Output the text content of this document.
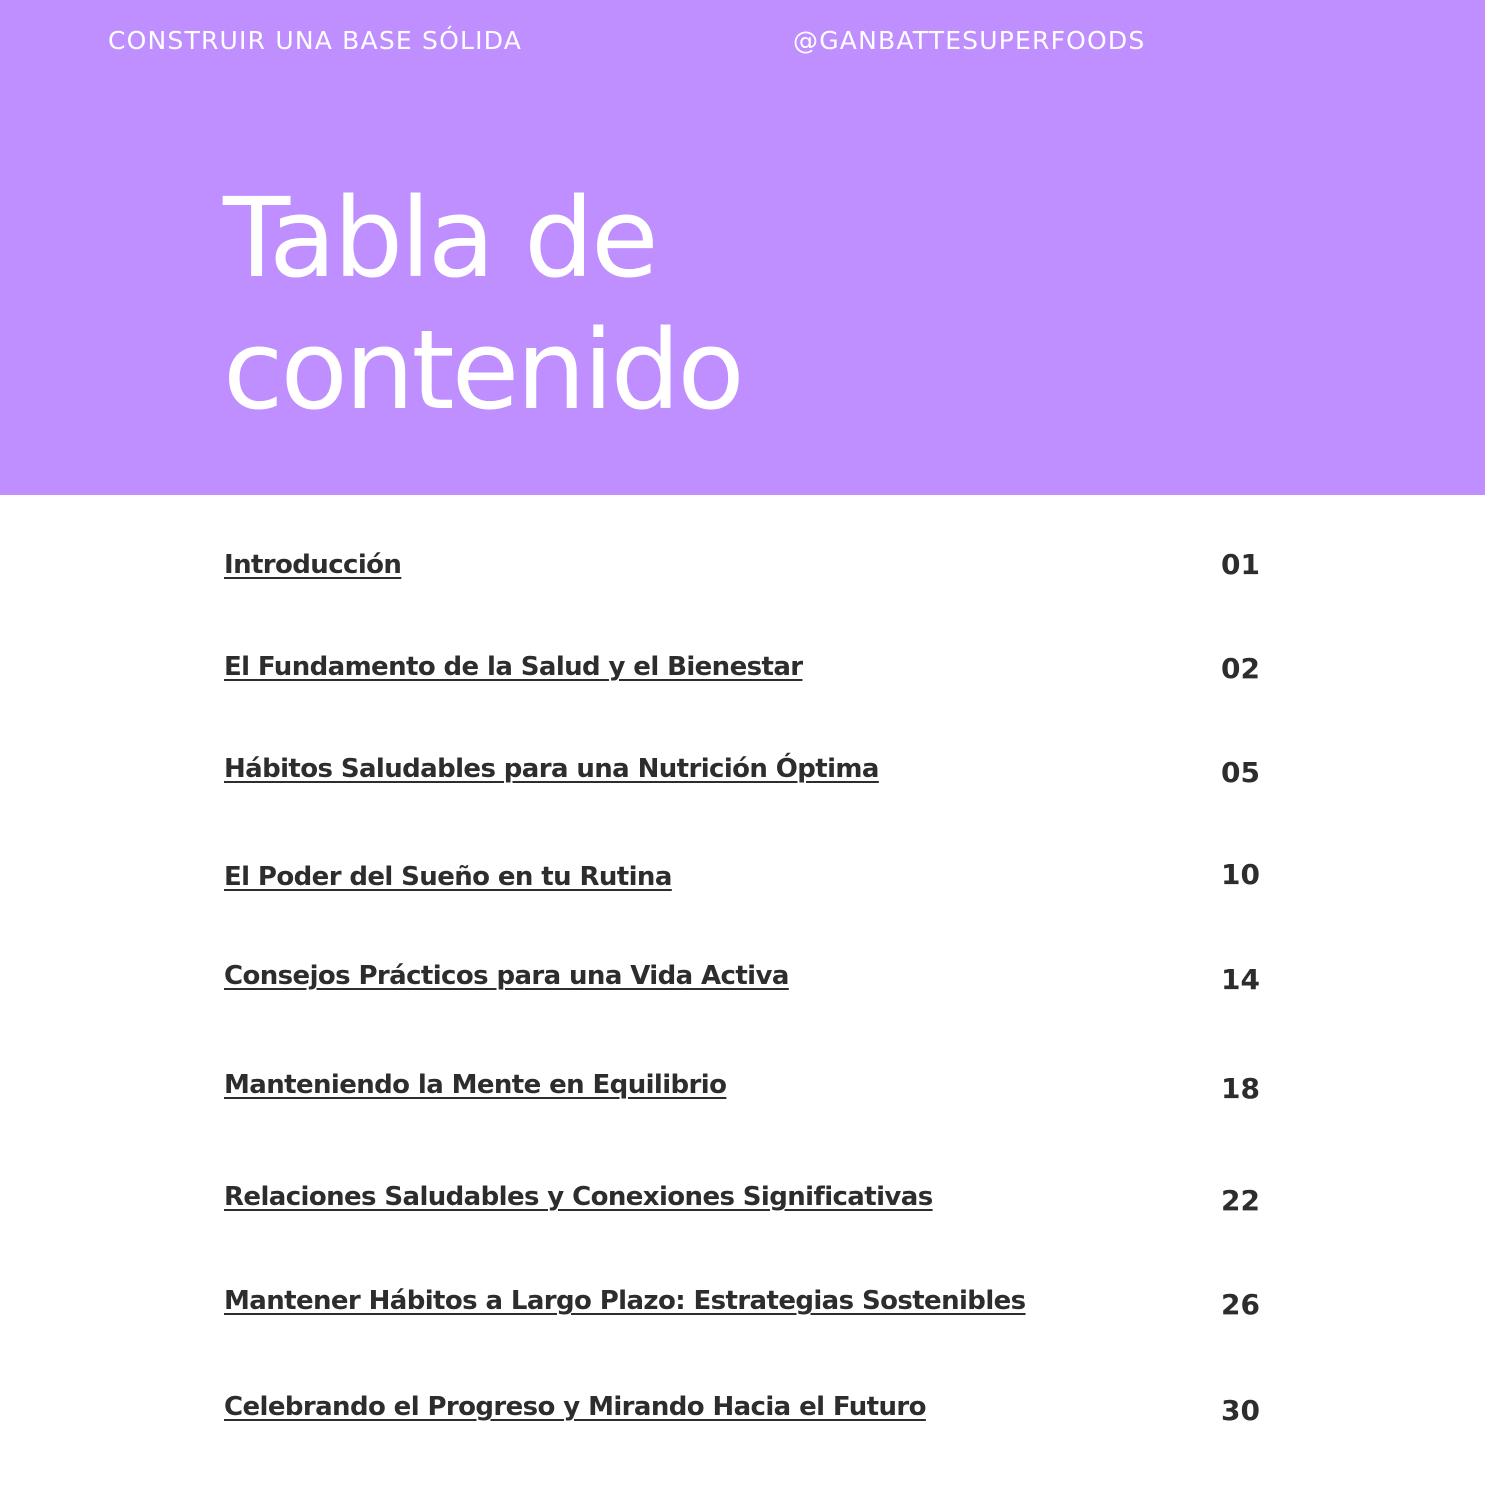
CONSTRUIR UNA BASE SÓLIDA	@GANBATTESUPERFOODS
Tabla de
contenido
Introducción	01
El Fundamento de la Salud y el Bienestar	02
Hábitos Saludables para una Nutrición Óptima	05
El Poder del Sueño en tu Rutina	10
Consejos Prácticos para una Vida Activa	14
Manteniendo la Mente en Equilibrio	18
Relaciones Saludables y Conexiones Significativas	22
Mantener Hábitos a Largo Plazo: Estrategias Sostenibles	26
Celebrando el Progreso y Mirando Hacia el Futuro	30
